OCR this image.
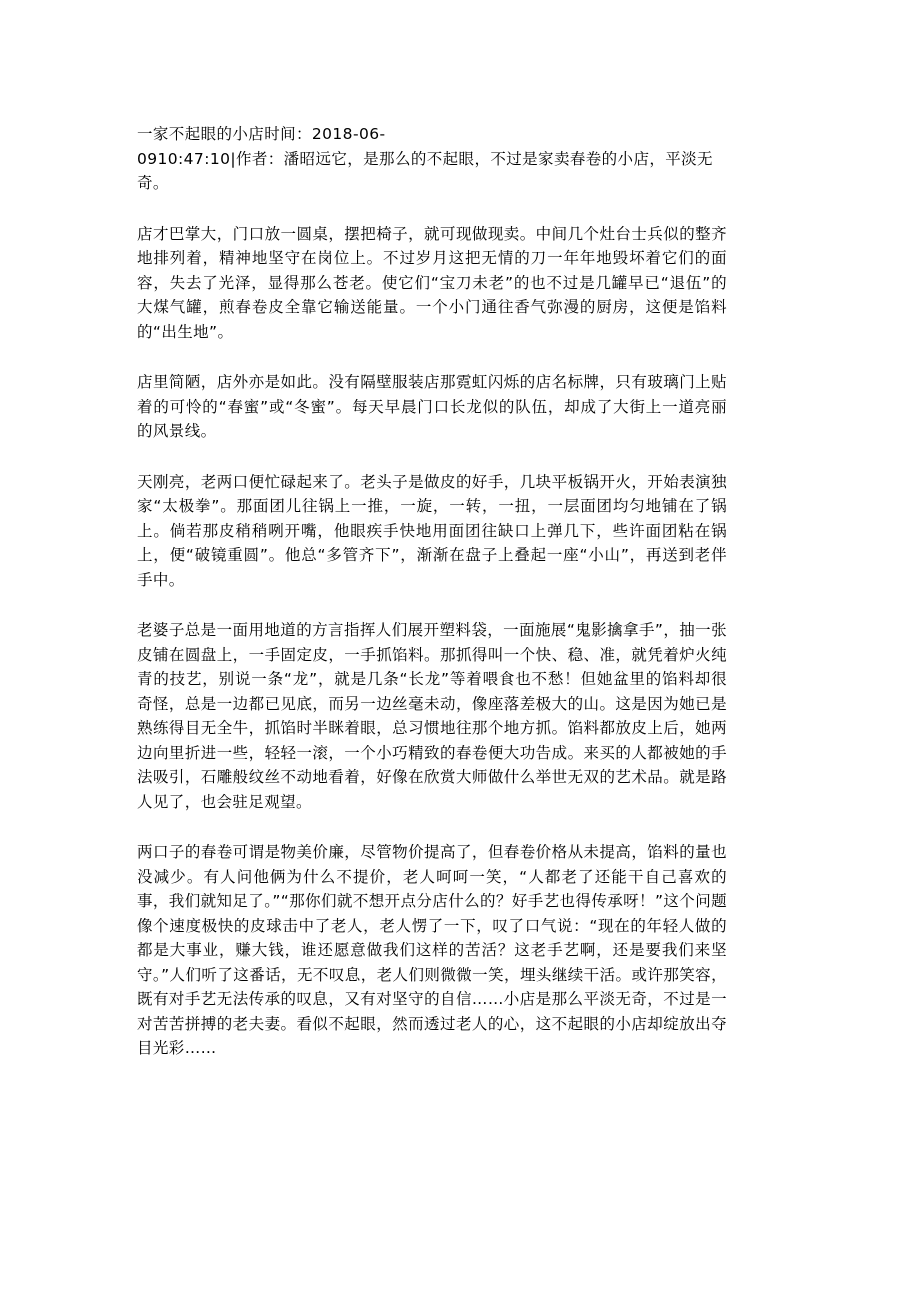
一家不起眼的小店时间：2018-06-
0910:47:10|作者：潘昭远它，是那么的不起眼，不过是家卖春卷的小店，平淡无奇。

店才巴掌大，门口放一圆桌，摆把椅子，就可现做现卖。中间几个灶台士兵似的整齐地排列着，精神地坚守在岗位上。不过岁月这把无情的刀一年年地毁坏着它们的面容，失去了光泽，显得那么苍老。使它们“宝刀未老”的也不过是几罐早已“退伍”的大煤气罐，煎春卷皮全靠它输送能量。一个小门通往香气弥漫的厨房，这便是馅料的“出生地”。

店里简陋，店外亦是如此。没有隔壁服装店那霓虹闪烁的店名标牌，只有玻璃门上贴着的可怜的“春蜜”或“冬蜜”。每天早晨门口长龙似的队伍，却成了大街上一道亮丽的风景线。

天刚亮，老两口便忙碌起来了。老头子是做皮的好手，几块平板锅开火，开始表演独家“太极拳”。那面团儿往锅上一推，一旋，一转，一扭，一层面团均匀地铺在了锅上。倘若那皮稍稍咧开嘴，他眼疾手快地用面团往缺口上弹几下，些许面团粘在锅上，便“破镜重圆”。他总“多管齐下”，渐渐在盘子上叠起一座“小山”，再送到老伴手中。

老婆子总是一面用地道的方言指挥人们展开塑料袋，一面施展“鬼影擒拿手”，抽一张皮铺在圆盘上，一手固定皮，一手抓馅料。那抓得叫一个快、稳、准，就凭着炉火纯青的技艺，别说一条“龙”，就是几条“长龙”等着喂食也不愁！但她盆里的馅料却很奇怪，总是一边都已见底，而另一边丝毫未动，像座落差极大的山。这是因为她已是熟练得目无全牛，抓馅时半眯着眼，总习惯地往那个地方抓。馅料都放皮上后，她两边向里折进一些，轻轻一滚，一个小巧精致的春卷便大功告成。来买的人都被她的手法吸引，石雕般纹丝不动地看着，好像在欣赏大师做什么举世无双的艺术品。就是路人见了，也会驻足观望。

两口子的春卷可谓是物美价廉，尽管物价提高了，但春卷价格从未提高，馅料的量也没减少。有人问他俩为什么不提价，老人呵呵一笑，“人都老了还能干自己喜欢的事，我们就知足了。”“那你们就不想开点分店什么的？好手艺也得传承呀！”这个问题像个速度极快的皮球击中了老人，老人愣了一下，叹了口气说：“现在的年轻人做的都是大事业，赚大钱，谁还愿意做我们这样的苦活？这老手艺啊，还是要我们来坚守。”人们听了这番话，无不叹息，老人们则微微一笑，埋头继续干活。或许那笑容，既有对手艺无法传承的叹息，又有对坚守的自信……小店是那么平淡无奇，不过是一对苦苦拼搏的老夫妻。看似不起眼，然而透过老人的心，这不起眼的小店却绽放出夺目光彩……
